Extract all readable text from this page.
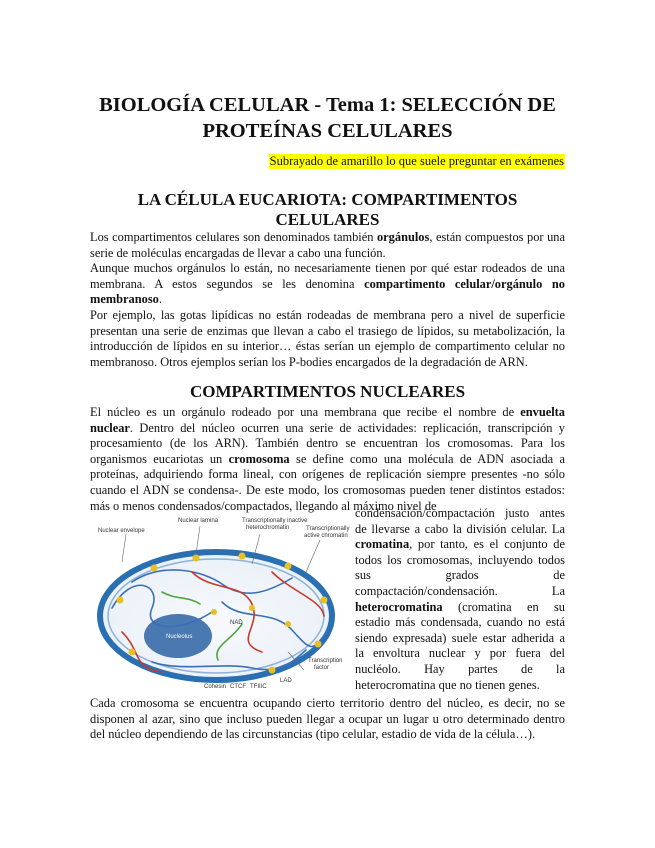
BIOLOGÍA CELULAR - Tema 1: SELECCIÓN DE PROTEÍNAS CELULARES
Subrayado de amarillo lo que suele preguntar en exámenes
LA CÉLULA EUCARIOTA: COMPARTIMENTOS CELULARES

Los compartimentos celulares son denominados también orgánulos, están compuestos por una serie de moléculas encargadas de llevar a cabo una función.

Aunque muchos orgánulos lo están, no necesariamente tienen por qué estar rodeados de una membrana. A estos segundos se les denomina compartimento celular/orgánulo no membranoso.

Por ejemplo, las gotas lipídicas no están rodeadas de membrana pero a nivel de superficie presentan una serie de enzimas que llevan a cabo el trasiego de lípidos, su metabolización, la introducción de lípidos en su interior… éstas serían un ejemplo de compartimento celular no membranoso. Otros ejemplos serían los P-bodies encargados de la degradación de ARN.

COMPARTIMENTOS NUCLEARES

El núcleo es un orgánulo rodeado por una membrana que recibe el nombre de envuelta nuclear. Dentro del núcleo ocurren una serie de actividades: replicación, transcripción y procesamiento (de los ARN). También dentro se encuentran los cromosomas. Para los organismos eucariotas un cromosoma se define como una molécula de ADN asociada a proteínas, adquiriendo forma lineal, con orígenes de replicación siempre presentes -no sólo cuando el ADN se condensa-. De este modo, los cromosomas pueden tener distintos estados: más o menos condensados/compactados, llegando al máximo nivel de

condensación/compactación justo antes de llevarse a cabo la división celular. La cromatina, por tanto, es el conjunto de todos los cromosomas, incluyendo todos sus grados de compactación/condensación. La heterocromatina (cromatina en su estadio más condensada, cuando no está siendo expresada) suele estar adherida a la envoltura nuclear y por fuera del nucléolo. Hay partes de la heterocromatina que no tienen genes.

Cada cromosoma se encuentra ocupando cierto territorio dentro del núcleo, es decir, no se disponen al azar, sino que incluso pueden llegar a ocupar un lugar u otro determinado dentro del núcleo dependiendo de las circunstancias (tipo celular, estadio de vida de la célula…).

Nuclear envelope
Nuclear lamina	Transcriptionally inactive
heterochromatin	Transcriptionally
active chromatin
NAD
Nucleolus
LAD
Transcription
factor
Cohesin CTCF TFIIIC
